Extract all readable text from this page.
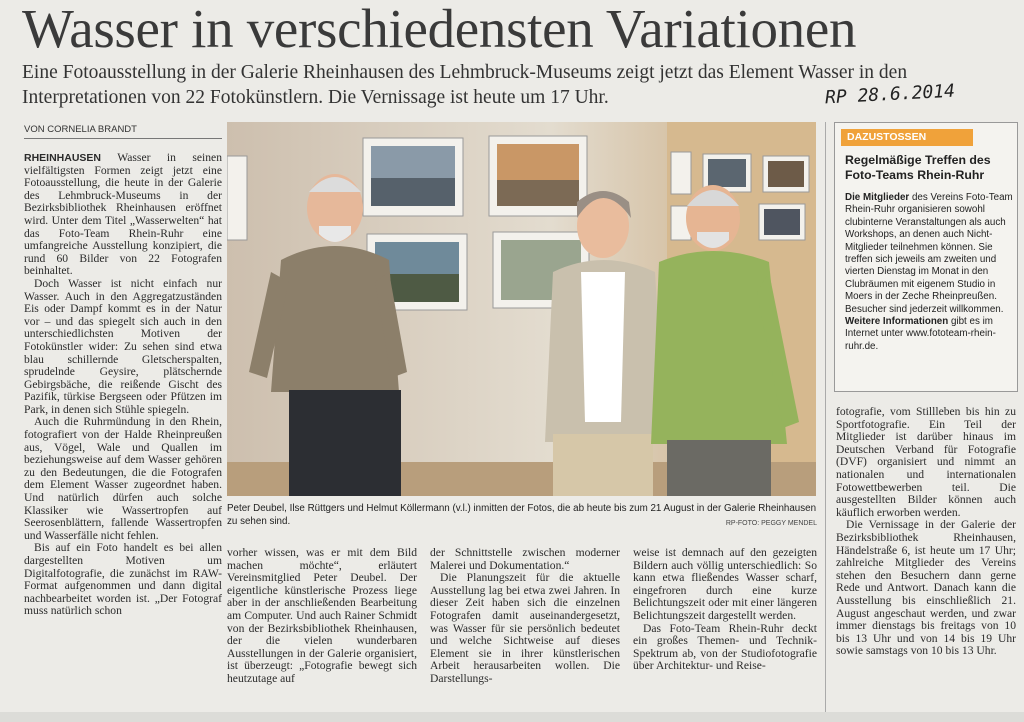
Wasser in verschiedensten Variationen
Eine Fotoausstellung in der Galerie Rheinhausen des Lehmbruck-Museums zeigt jetzt das Element Wasser in den Interpretationen von 22 Fotokünstlern. Die Vernissage ist heute um 17 Uhr.	RP 28.6.2014
VON CORNELIA BRANDT

RHEINHAUSEN Wasser in seinen vielfältigsten Formen zeigt jetzt eine Fotoausstellung, die heute in der Galerie des Lehmbruck-Museums in der Bezirksbibliothek Rheinhausen eröffnet wird. Unter dem Titel „Wasserwelten“ hat das Foto-Team Rhein-Ruhr eine umfangreiche Ausstellung konzipiert, die rund 60 Bilder von 22 Fotografen beinhaltet.

Doch Wasser ist nicht einfach nur Wasser. Auch in den Aggregatzuständen Eis oder Dampf kommt es in der Natur vor – und das spiegelt sich auch in den unterschiedlichsten Motiven der Fotokünstler wider: Zu sehen sind etwa blau schillernde Gletscherspalten, sprudelnde Geysire, plätschernde Gebirgsbäche, die reißende Gischt des Pazifik, türkise Bergseen oder Pfützen im Park, in denen sich Stühle spiegeln.

Auch die Ruhrmündung in den Rhein, fotografiert von der Halde Rheinpreußen aus, Vögel, Wale und Quallen im beziehungsweise auf dem Wasser gehören zu den Bedeutungen, die die Fotografen dem Element Wasser zugeordnet haben. Und natürlich dürfen auch solche Klassiker wie Wassertropfen auf Seerosenblättern, fallende Wassertropfen und Wasserfälle nicht fehlen.

Bis auf ein Foto handelt es bei allen dargestellten Motiven um Digitalfotografie, die zunächst im RAW-Format aufgenommen und dann digital nachbearbeitet worden ist. „Der Fotograf muss natürlich schon

Peter Deubel, Ilse Rüttgers und Helmut Köllermann (v.l.) inmitten der Fotos, die ab heute bis zum 21 August in der Galerie Rheinhausen zu sehen sind.	RP-FOTO: PEGGY MENDEL

vorher wissen, was er mit dem Bild machen möchte“, erläutert Vereinsmitglied Peter Deubel. Der eigentliche künstlerische Prozess liege aber in der anschließenden Bearbeitung am Computer. Und auch Rainer Schmidt von der Bezirksbibliothek Rheinhausen, der die vielen wunderbaren Ausstellungen in der Galerie organisiert, ist überzeugt: „Fotografie bewegt sich heutzutage auf

der Schnittstelle zwischen moderner Malerei und Dokumentation.“

Die Planungszeit für die aktuelle Ausstellung lag bei etwa zwei Jahren. In dieser Zeit haben sich die einzelnen Fotografen damit auseinandergesetzt, was Wasser für sie persönlich bedeutet und welche Sichtweise auf dieses Element sie in ihrer künstlerischen Arbeit herausarbeiten wollen. Die Darstellungs-

weise ist demnach auf den gezeigten Bildern auch völlig unterschiedlich: So kann etwa fließendes Wasser scharf, eingefroren durch eine kurze Belichtungszeit oder mit einer längeren Belichtungszeit dargestellt werden.

Das Foto-Team Rhein-Ruhr deckt ein großes Themen- und Technik-Spektrum ab, von der Studiofotografie über Architektur- und Reise-

fotografie, vom Stillleben bis hin zu Sportfotografie. Ein Teil der Mitglieder ist darüber hinaus im Deutschen Verband für Fotografie (DVF) organisiert und nimmt an nationalen und internationalen Fotowettbewerben teil. Die ausgestellten Bilder können auch käuflich erworben werden.

Die Vernissage in der Galerie der Bezirksbibliothek Rheinhausen, Händelstraße 6, ist heute um 17 Uhr; zahlreiche Mitglieder des Vereins stehen den Besuchern dann gerne Rede und Antwort. Danach kann die Ausstellung bis einschließlich 21. August angeschaut werden, und zwar immer dienstags bis freitags von 10 bis 13 Uhr und von 14 bis 19 Uhr sowie samstags von 10 bis 13 Uhr.

DAZUSTOSSEN
Regelmäßige Treffen des Foto-Teams Rhein-Ruhr
Die Mitglieder des Vereins Foto-Team Rhein-Ruhr organisieren sowohl clubinterne Veranstaltungen als auch Workshops, an denen auch Nicht-Mitglieder teilnehmen können. Sie treffen sich jeweils am zweiten und vierten Dienstag im Monat in den Clubräumen mit eigenem Studio in Moers in der Zeche Rheinpreußen. Besucher sind jederzeit willkommen. Weitere Informationen gibt es im Internet unter www.fototeam-rhein-ruhr.de.
